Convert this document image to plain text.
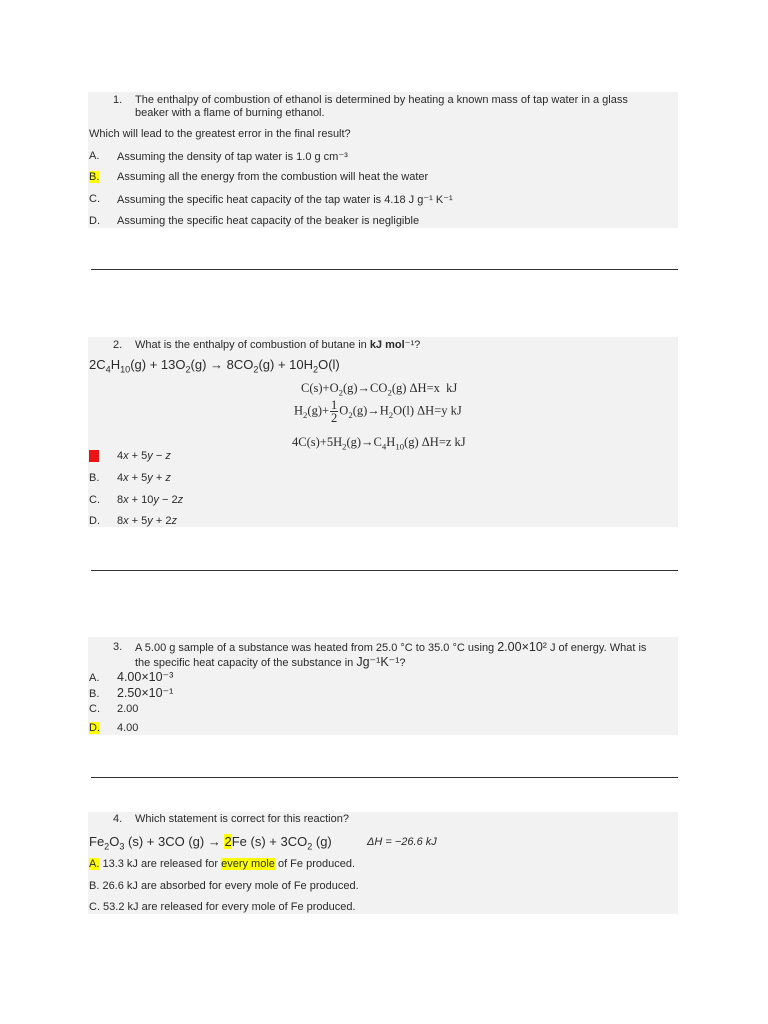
1. The enthalpy of combustion of ethanol is determined by heating a known mass of tap water in a glass
beaker with a flame of burning ethanol.
Which will lead to the greatest error in the final result?
A. Assuming the density of tap water is 1.0 g cm⁻³
B. Assuming all the energy from the combustion will heat the water
C. Assuming the specific heat capacity of the tap water is 4.18 J g⁻¹ K⁻¹
D. Assuming the specific heat capacity of the beaker is negligible
2. What is the enthalpy of combustion of butane in kJ mol⁻¹?
$2C_4H_{10}(g) + 13O_2(g) \to 8CO_2(g) + 10H_2O(l)$
$C(s)+O_2(g)\to CO_2(g)$ ΔH=x  kJ
$H_2(g)+ \frac{1}{2} O_2(g)\to H_2O(l)$ ΔH=y kJ
$4C(s)+5H_2(g)\to C_4H_{10}(g)$ ΔH=z kJ
A. 4x + 5y − z
B. 4x + 5y + z
C. 8x + 10y − 2z
D. 8x + 5y + 2z
3. A 5.00 g sample of a substance was heated from 25.0 °C to 35.0 °C using 2.00×10² J of energy. What is
the specific heat capacity of the substance in Jg⁻¹K⁻¹?
A. 4.00×10⁻³
B. 2.50×10⁻¹
C. 2.00
D. 4.00
4. Which statement is correct for this reaction?
$Fe_2O_3$ (s) + 3CO (g) → 2Fe $(s) + 3CO_2$ (g)	ΔH = −26.6 kJ
A. 13.3 kJ are released for every mole of Fe produced.
B. 26.6 kJ are absorbed for every mole of Fe produced.
C. 53.2 kJ are released for every mole of Fe produced.
